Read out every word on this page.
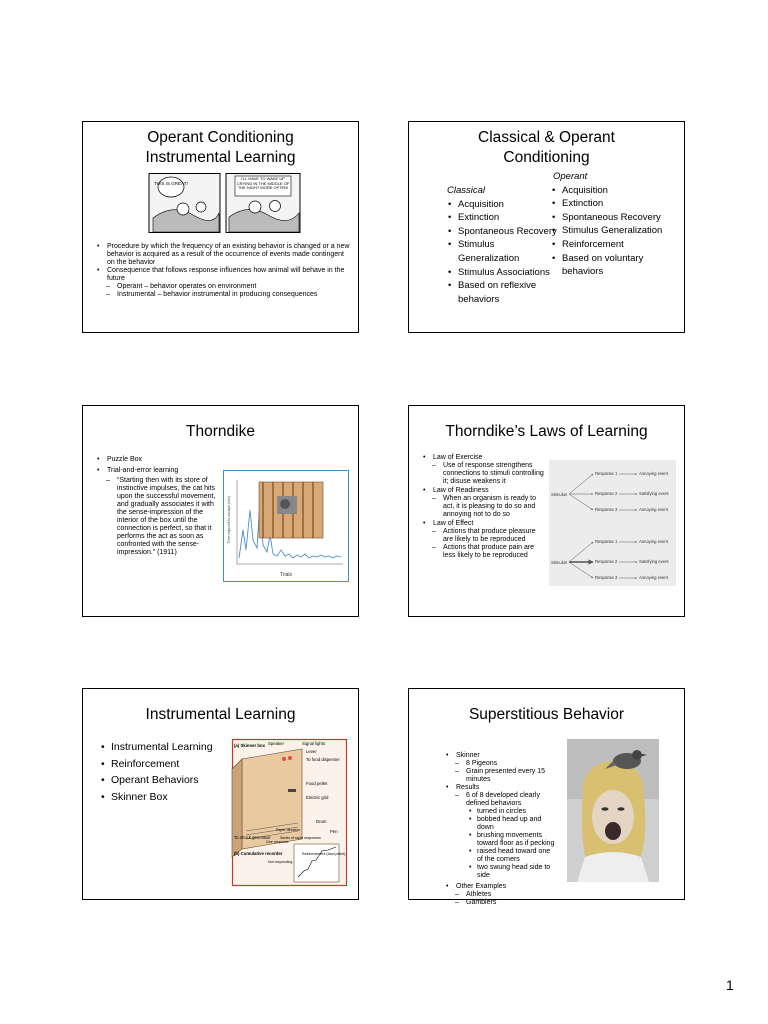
Operant Conditioning
Instrumental Learning
THIS IS GREAT!
I'LL HAVE TO WAKE UP CRYING IN THE MIDDLE OF THE NIGHT MORE OFTEN!
• Procedure by which the frequency of an existing behavior is changed or a new behavior is acquired as a result of the occurrence of events made contingent on the behavior
• Consequence that follows response influences how animal will behave in the future
– Operant – behavior operates on environment
– Instrumental – behavior instrumental in producing consequences
Classical & Operant
Conditioning
Classical
• Acquisition
• Extinction
• Spontaneous Recovery
• Stimulus Generalization
• Stimulus Associations
• Based on reflexive behaviors
Operant
• Acquisition
• Extinction
• Spontaneous Recovery
• Stimulus Generalization
• Reinforcement
• Based on voluntary behaviors
Thorndike
• Puzzle Box
• Trial-and-error learning
– “Starting then with its store of instinctive impulses, the cat hits upon the successful movement, and gradually associates it with the sense-impression of the interior of the box until the connection is perfect, so that it performs the act as soon as confronted with the sense-impression.” (1911)
Time required to escape (sec)
Trials
Thorndike’s Laws of Learning
• Law of Exercise
– Use of response strengthens connections to stimuli controlling it; disuse weakens it
• Law of Readiness
– When an organism is ready to act, it is pleasing to do so and annoying not to do so
• Law of Effect
– Actions that produce pleasure are likely to be reproduced
– Actions that produce pain are less likely to be reproduced
Stimulus
Response 1
Response 2
Response 3
Annoying event
Satisfying event
Annoying event
Stimulus
Response 1
Response 2
Response 3
Annoying event
Satisfying event
Annoying event
Instrumental Learning
• Instrumental Learning
• Reinforcement
• Operant Behaviors
• Skinner Box
(a) Skinner box Speaker	Signal lights
Lever
To food dispenser
Food pellet
Electric grid
To shock generator
Drum
Paper direction	Pen
One response
Series of rapid responses
Not responding
Reinforcement (food pellet)
(b) Cumulative recorder
Superstitious Behavior
• Skinner
– 8 Pigeons
– Grain presented every 15 minutes
• Results
– 6 of 8 developed clearly defined behaviors
• turned in circles
• bobbed head up and down
• brushing movements toward floor as if pecking
• raised head toward one of the corners
• two swung head side to side
• Other Examples
– Athletes
– Gamblers
1
